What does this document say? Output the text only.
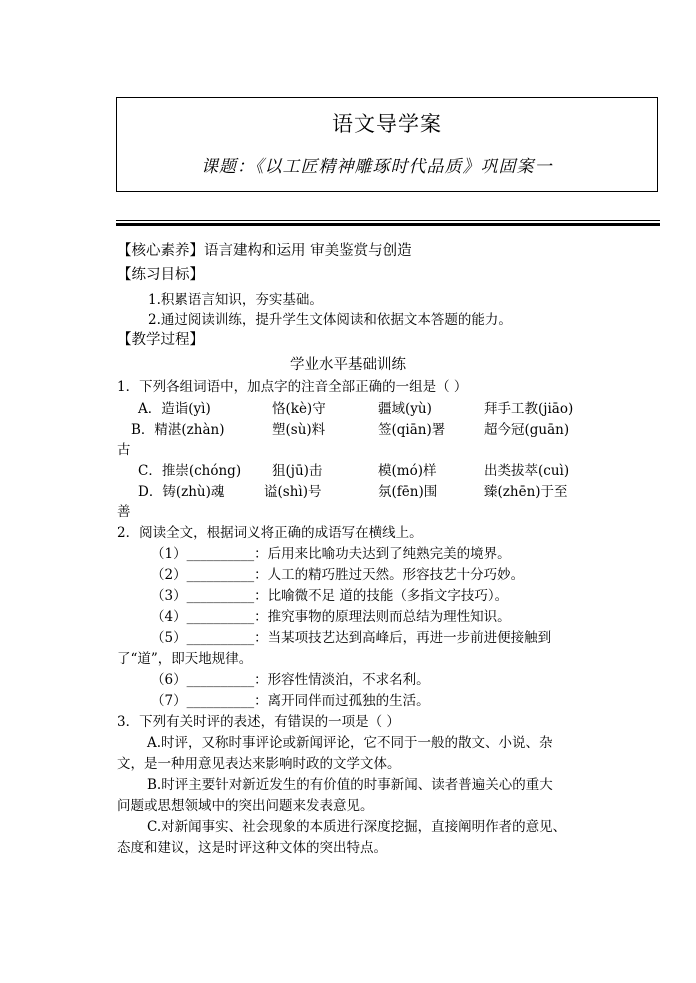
语文导学案
课题：《以工匠精神雕琢时代品质》巩固案一
【核心素养】语言建构和运用 审美鉴赏与创造
【练习目标】
1.积累语言知识，夯实基础。
2.通过阅读训练，提升学生文体阅读和依据文本答题的能力。
【教学过程】
学业水平基础训练
1．下列各组词语中，加点字的注音全部正确的一组是（ ）
A．造诣(yì)	恪(kè)守	疆域(yù)	拜手工教(jiāo)
B．精湛(zhàn)	塑(sù)料	签(qiān)署	超今冠(guān)
古
C．推崇(chóng) 狙(jū)击	模(mó)样	出类拔萃(cuì)
D．铸(zhù)魂	谥(shì)号	氛(fēn)围	臻(zhēn)于至
善
2．阅读全文，根据词义将正确的成语写在横线上。
（1）__________：后用来比喻功夫达到了纯熟完美的境界。
（2）__________：人工的精巧胜过天然。形容技艺十分巧妙。
（3）__________：比喻微不足 道的技能（多指文字技巧）。
（4）__________：推究事物的原理法则而总结为理性知识。
（5）__________：当某项技艺达到高峰后，再进一步前进便接触到
了“道”，即天地规律。
（6）__________：形容性情淡泊，不求名利。
（7）__________：离开同伴而过孤独的生活。
3．下列有关时评的表述，有错误的一项是（ ）
A.时评，又称时事评论或新闻评论，它不同于一般的散文、小说、杂
文，是一种用意见表达来影响时政的文学文体。
B.时评主要针对新近发生的有价值的时事新闻、读者普遍关心的重大
问题或思想领域中的突出问题来发表意见。
C.对新闻事实、社会现象的本质进行深度挖掘，直接阐明作者的意见、
态度和建议，这是时评这种文体的突出特点。
